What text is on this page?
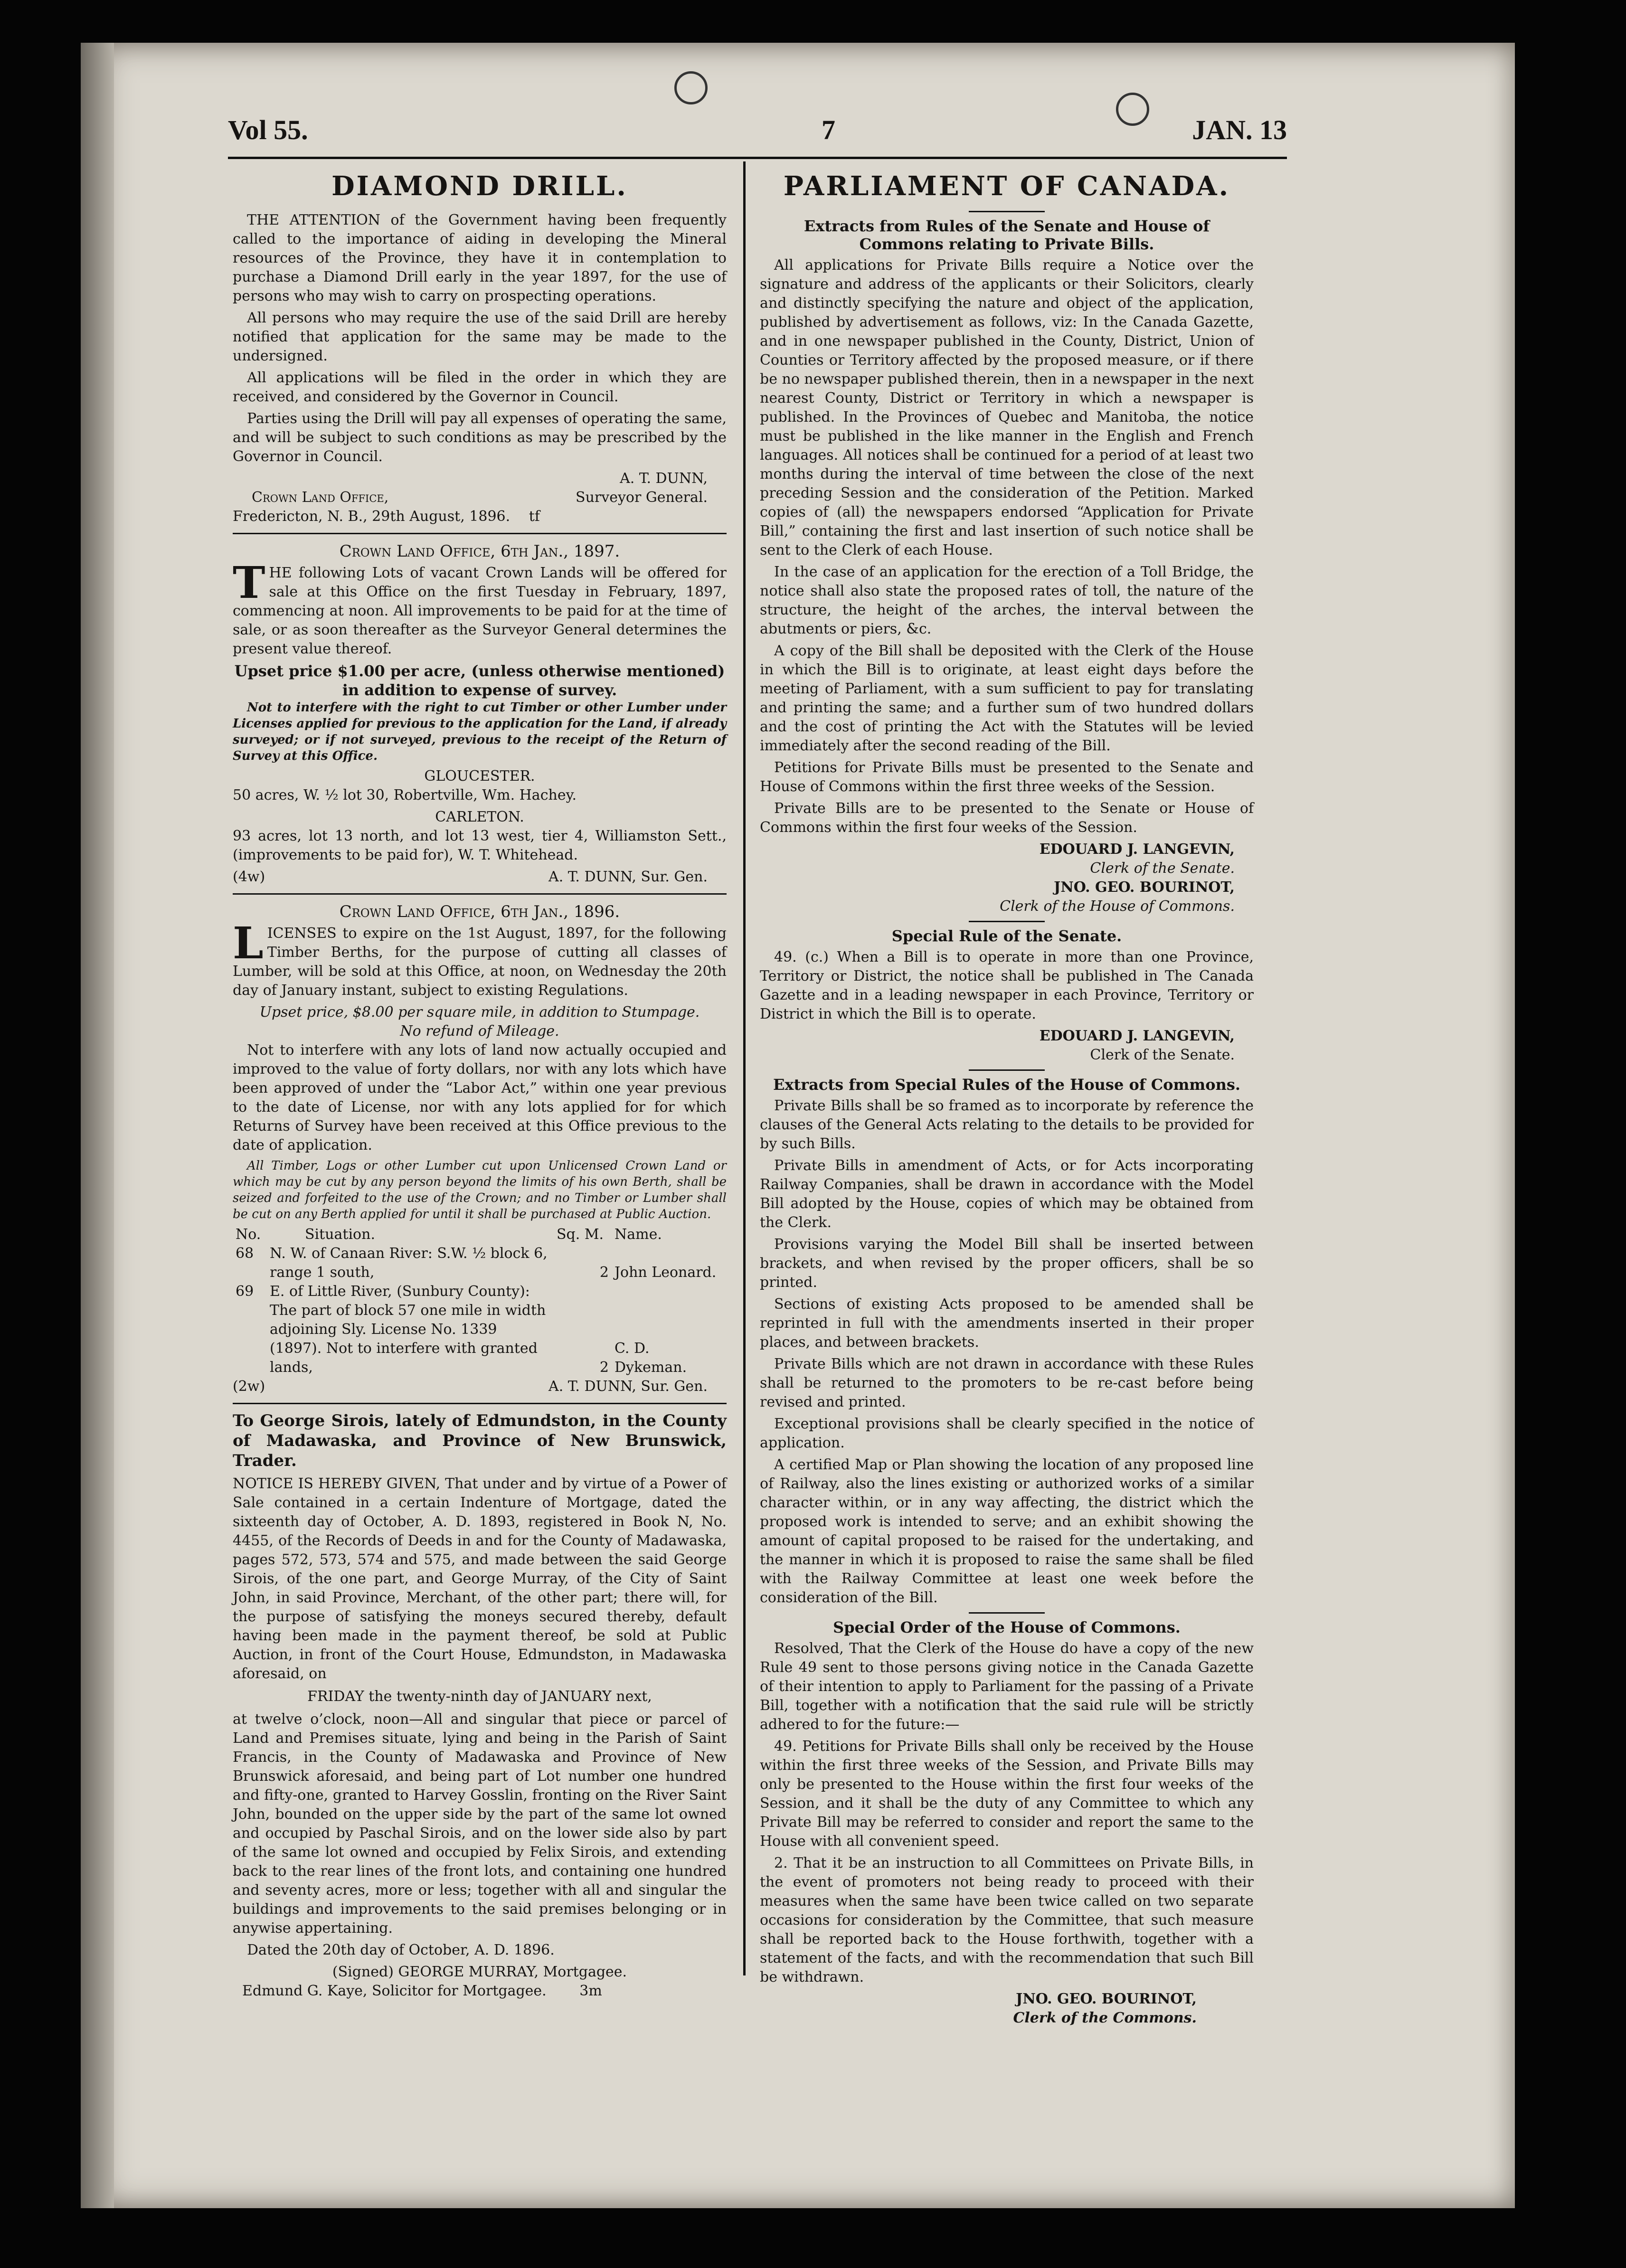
Vol 55.	7	JAN. 13
DIAMOND DRILL.

THE ATTENTION of the Government having been frequently called to the importance of aiding in developing the Mineral resources of the Province, they have it in contemplation to purchase a Diamond Drill early in the year 1897, for the use of persons who may wish to carry on prospecting operations.

All persons who may require the use of the said Drill are hereby notified that application for the same may be made to the undersigned.

All applications will be filed in the order in which they are received, and considered by the Governor in Council.

Parties using the Drill will pay all expenses of operating the same, and will be subject to such conditions as may be prescribed by the Governor in Council.

A. T. DUNN,
Crown Land Office,	Surveyor General.
Fredericton, N. B., 29th August, 1896. tf
Crown Land Office, 6th Jan., 1897.

THE following Lots of vacant Crown Lands will be offered for sale at this Office on the first Tuesday in February, 1897, commencing at noon. All improvements to be paid for at the time of sale, or as soon thereafter as the Surveyor General determines the present value thereof.

Upset price $1.00 per acre, (unless otherwise mentioned) in addition to expense of survey.

Not to interfere with the right to cut Timber or other Lumber under Licenses applied for previous to the application for the Land, if already surveyed; or if not surveyed, previous to the receipt of the Return of Survey at this Office.

GLOUCESTER.

50 acres, W. ½ lot 30, Robertville, Wm. Hachey.

CARLETON.

93 acres, lot 13 north, and lot 13 west, tier 4, Williamston Sett., (improvements to be paid for), W. T. Whitehead.

(4w)	A. T. DUNN, Sur. Gen.
Crown Land Office, 6th Jan., 1896.

LICENSES to expire on the 1st August, 1897, for the following Timber Berths, for the purpose of cutting all classes of Lumber, will be sold at this Office, at noon, on Wednesday the 20th day of January instant, subject to existing Regulations.

Upset price, $8.00 per square mile, in addition to Stumpage.
No refund of Mileage.

Not to interfere with any lots of land now actually occupied and improved to the value of forty dollars, nor with any lots which have been approved of under the “Labor Act,” within one year previous to the date of License, nor with any lots applied for for which Returns of Survey have been received at this Office previous to the date of application.

All Timber, Logs or other Lumber cut upon Unlicensed Crown Land or which may be cut by any person beyond the limits of his own Berth, shall be seized and forfeited to the use of the Crown; and no Timber or Lumber shall be cut on any Berth applied for until it shall be purchased at Public Auction.

No.	Situation.	Sq. M.	Name.
68	N. W. of Canaan River: S.W. ½ block 6, range 1 south,	2	John Leonard.
69	E. of Little River, (Sunbury County): The part of block 57 one mile in width adjoining Sly. License No. 1339 (1897). Not to interfere with granted lands,	2	C. D. Dykeman.
(2w)	A. T. DUNN, Sur. Gen.
To George Sirois, lately of Edmundston, in the County of Madawaska, and Province of New Brunswick, Trader.

NOTICE IS HEREBY GIVEN, That under and by virtue of a Power of Sale contained in a certain Indenture of Mortgage, dated the sixteenth day of October, A. D. 1893, registered in Book N, No. 4455, of the Records of Deeds in and for the County of Madawaska, pages 572, 573, 574 and 575, and made between the said George Sirois, of the one part, and George Murray, of the City of Saint John, in said Province, Merchant, of the other part; there will, for the purpose of satisfying the moneys secured thereby, default having been made in the payment thereof, be sold at Public Auction, in front of the Court House, Edmundston, in Madawaska aforesaid, on

FRIDAY the twenty-ninth day of JANUARY next,

at twelve o’clock, noon—All and singular that piece or parcel of Land and Premises situate, lying and being in the Parish of Saint Francis, in the County of Madawaska and Province of New Brunswick aforesaid, and being part of Lot number one hundred and fifty-one, granted to Harvey Gosslin, fronting on the River Saint John, bounded on the upper side by the part of the same lot owned and occupied by Paschal Sirois, and on the lower side also by part of the same lot owned and occupied by Felix Sirois, and extending back to the rear lines of the front lots, and containing one hundred and seventy acres, more or less; together with all and singular the buildings and improvements to the said premises belonging or in anywise appertaining.

Dated the 20th day of October, A. D. 1896.

(Signed) GEORGE MURRAY, Mortgagee.
Edmund G. Kaye, Solicitor for Mortgagee. 3m
PARLIAMENT OF CANADA.
Extracts from Rules of the Senate and House of Commons relating to Private Bills.

All applications for Private Bills require a Notice over the signature and address of the applicants or their Solicitors, clearly and distinctly specifying the nature and object of the application, published by advertisement as follows, viz: In the Canada Gazette, and in one newspaper published in the County, District, Union of Counties or Territory affected by the proposed measure, or if there be no newspaper published therein, then in a newspaper in the next nearest County, District or Territory in which a newspaper is published. In the Provinces of Quebec and Manitoba, the notice must be published in the like manner in the English and French languages. All notices shall be continued for a period of at least two months during the interval of time between the close of the next preceding Session and the consideration of the Petition. Marked copies of (all) the newspapers endorsed “Application for Private Bill,” containing the first and last insertion of such notice shall be sent to the Clerk of each House.

In the case of an application for the erection of a Toll Bridge, the notice shall also state the proposed rates of toll, the nature of the structure, the height of the arches, the interval between the abutments or piers, &c.

A copy of the Bill shall be deposited with the Clerk of the House in which the Bill is to originate, at least eight days before the meeting of Parliament, with a sum sufficient to pay for translating and printing the same; and a further sum of two hundred dollars and the cost of printing the Act with the Statutes will be levied immediately after the second reading of the Bill.

Petitions for Private Bills must be presented to the Senate and House of Commons within the first three weeks of the Session.

Private Bills are to be presented to the Senate or House of Commons within the first four weeks of the Session.

EDOUARD J. LANGEVIN,
Clerk of the Senate.
JNO. GEO. BOURINOT,
Clerk of the House of Commons.
Special Rule of the Senate.

49. (c.) When a Bill is to operate in more than one Province, Territory or District, the notice shall be published in The Canada Gazette and in a leading newspaper in each Province, Territory or District in which the Bill is to operate.

EDOUARD J. LANGEVIN,
Clerk of the Senate.
Extracts from Special Rules of the House of Commons.

Private Bills shall be so framed as to incorporate by reference the clauses of the General Acts relating to the details to be provided for by such Bills.

Private Bills in amendment of Acts, or for Acts incorporating Railway Companies, shall be drawn in accordance with the Model Bill adopted by the House, copies of which may be obtained from the Clerk.

Provisions varying the Model Bill shall be inserted between brackets, and when revised by the proper officers, shall be so printed.

Sections of existing Acts proposed to be amended shall be reprinted in full with the amendments inserted in their proper places, and between brackets.

Private Bills which are not drawn in accordance with these Rules shall be returned to the promoters to be re-cast before being revised and printed.

Exceptional provisions shall be clearly specified in the notice of application.

A certified Map or Plan showing the location of any proposed line of Railway, also the lines existing or authorized works of a similar character within, or in any way affecting, the district which the proposed work is intended to serve; and an exhibit showing the amount of capital proposed to be raised for the undertaking, and the manner in which it is proposed to raise the same shall be filed with the Railway Committee at least one week before the consideration of the Bill.

Special Order of the House of Commons.

Resolved, That the Clerk of the House do have a copy of the new Rule 49 sent to those persons giving notice in the Canada Gazette of their intention to apply to Parliament for the passing of a Private Bill, together with a notification that the said rule will be strictly adhered to for the future:—

49. Petitions for Private Bills shall only be received by the House within the first three weeks of the Session, and Private Bills may only be presented to the House within the first four weeks of the Session, and it shall be the duty of any Committee to which any Private Bill may be referred to consider and report the same to the House with all convenient speed.

2. That it be an instruction to all Committees on Private Bills, in the event of promoters not being ready to proceed with their measures when the same have been twice called on two separate occasions for consideration by the Committee, that such measure shall be reported back to the House forthwith, together with a statement of the facts, and with the recommendation that such Bill be withdrawn.

JNO. GEO. BOURINOT,
Clerk of the Commons.
